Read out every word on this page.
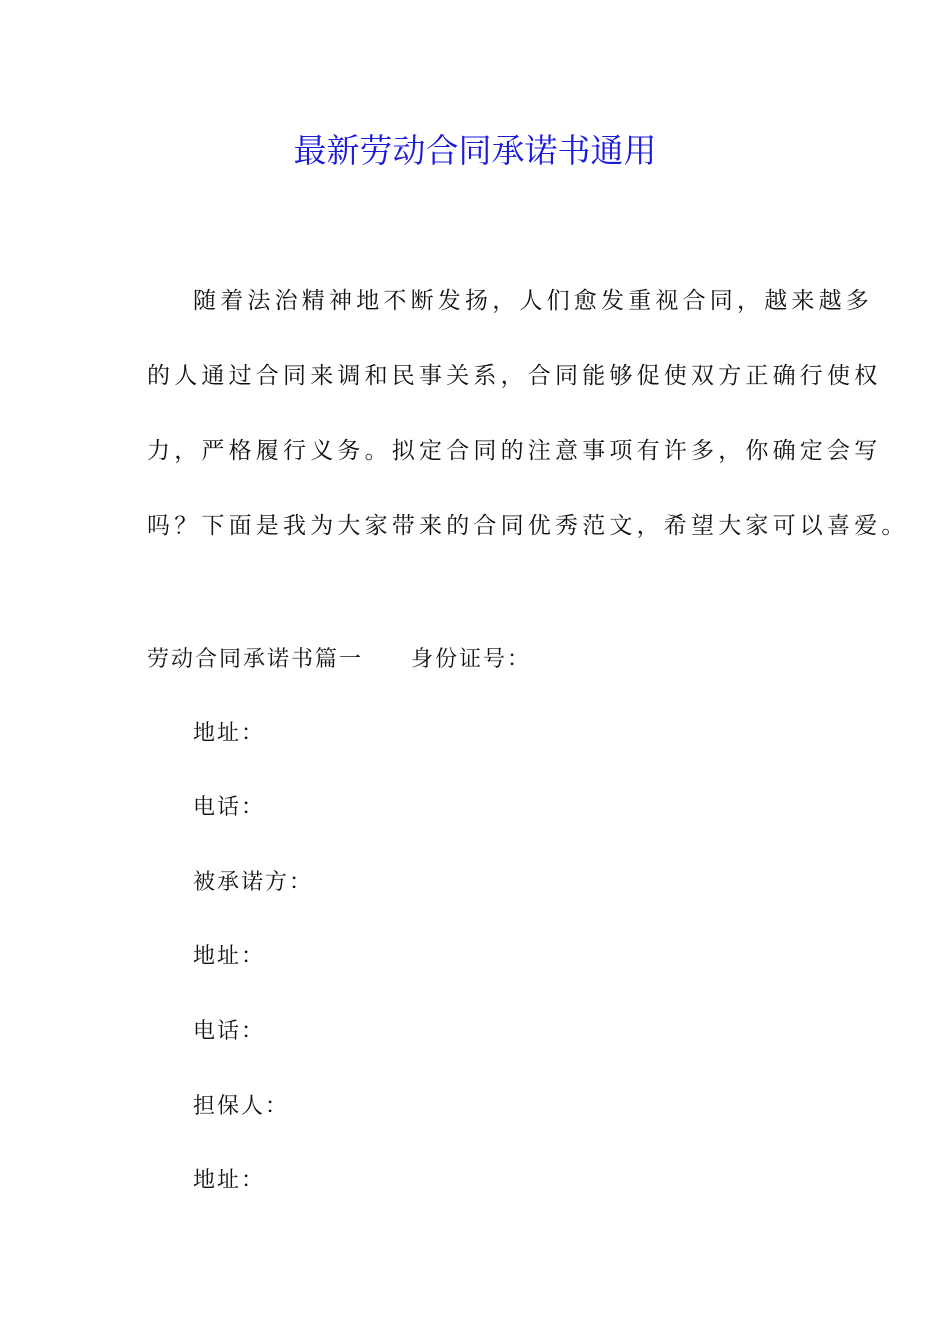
最新劳动合同承诺书通用
随着法治精神地不断发扬，人们愈发重视合同，越来越多
的人通过合同来调和民事关系，合同能够促使双方正确行使权
力，严格履行义务。拟定合同的注意事项有许多，你确定会写
吗？下面是我为大家带来的合同优秀范文，希望大家可以喜爱。
劳动合同承诺书篇一 身份证号：
地址：
电话：
被承诺方：
地址：
电话：
担保人：
地址：
